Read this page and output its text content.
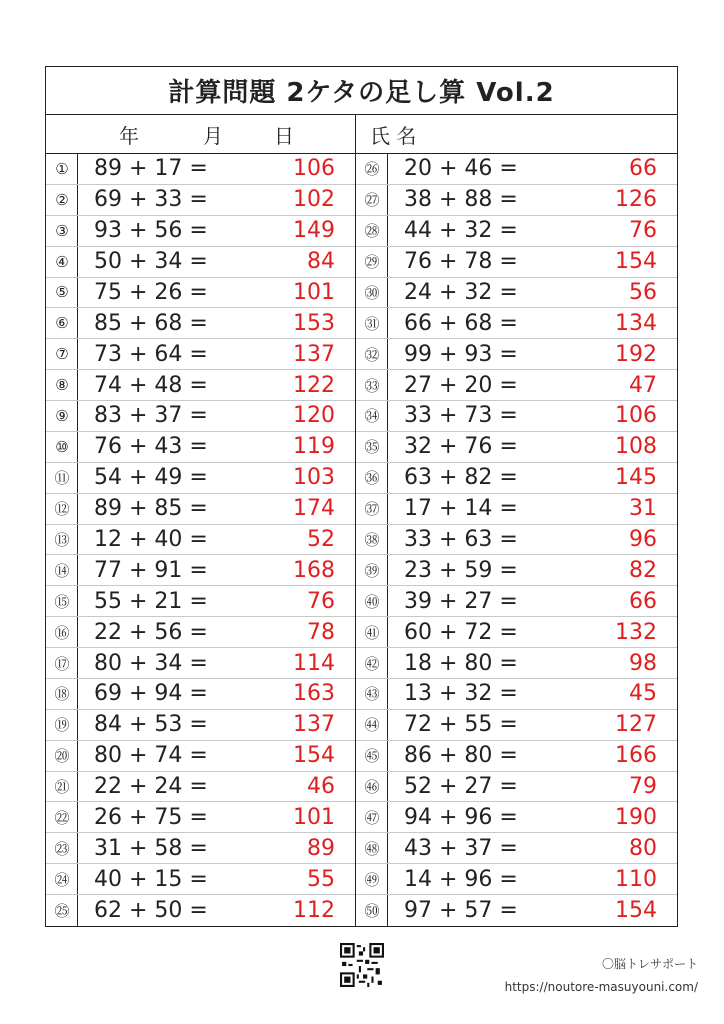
計算問題 2ケタの足し算 Vol.2
年	月	日	氏 名
①	89 + 17 =	106
②	69 + 33 =	102
③	93 + 56 =	149
④	50 + 34 =	84
⑤	75 + 26 =	101
⑥	85 + 68 =	153
⑦	73 + 64 =	137
⑧	74 + 48 =	122
⑨	83 + 37 =	120
⑩	76 + 43 =	119
⑪	54 + 49 =	103
⑫	89 + 85 =	174
⑬	12 + 40 =	52
⑭	77 + 91 =	168
⑮	55 + 21 =	76
⑯	22 + 56 =	78
⑰	80 + 34 =	114
⑱	69 + 94 =	163
⑲	84 + 53 =	137
⑳	80 + 74 =	154
㉑	22 + 24 =	46
㉒	26 + 75 =	101
㉓	31 + 58 =	89
㉔	40 + 15 =	55
㉕	62 + 50 =	112
㉖	20 + 46 =	66
㉗	38 + 88 =	126
㉘	44 + 32 =	76
㉙	76 + 78 =	154
㉚	24 + 32 =	56
㉛	66 + 68 =	134
㉜	99 + 93 =	192
㉝	27 + 20 =	47
㉞	33 + 73 =	106
㉟	32 + 76 =	108
㊱	63 + 82 =	145
㊲	17 + 14 =	31
㊳	33 + 63 =	96
㊴	23 + 59 =	82
㊵	39 + 27 =	66
㊶	60 + 72 =	132
㊷	18 + 80 =	98
㊸	13 + 32 =	45
㊹	72 + 55 =	127
㊺	86 + 80 =	166
㊻	52 + 27 =	79
㊼	94 + 96 =	190
㊽	43 + 37 =	80
㊾	14 + 96 =	110
㊿	97 + 57 =	154
〇脳トレサポート
https://noutore-masuyouni.com/
